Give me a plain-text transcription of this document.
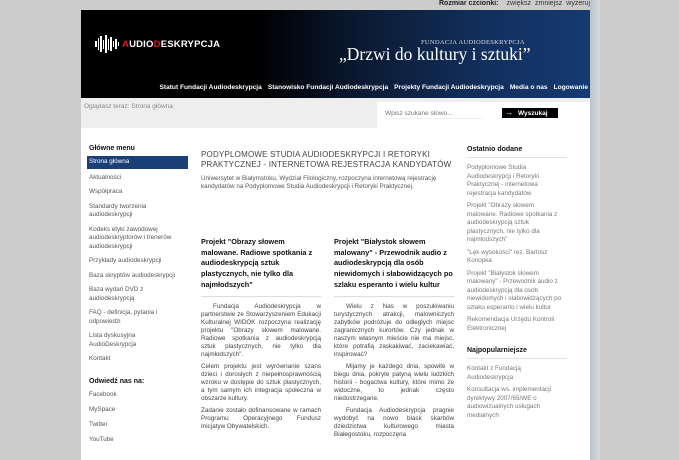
Rozmiar czcionki: zwiększ zmniejsz wyzeruj
AUDIODESKRYPCJA	FUNDACJA AUDIODESKRYPCJA
„Drzwi do kultury i sztuki”
Statut Fundacji Audiodeskrypcja Stanowisko Fundacji Audiodeskrypcja Projekty Fundacji Audiodeskrypcja Media o nas Logowanie
Oglądasz teraz: Strona główna
Wpisz szukane słowo...
→ Wyszukaj
Główne menu
Strona główna
Aktualności
Współpraca
Standardy tworzenia audiodeskrypcji
Kodeks etyki zawodowej audiodeskryptorów i trenerów audiodeskrypcji
Przykłady audiodeskrypcji
Baza skryptów audiodeskrypcji
Baza wydań DVD z audiodeskrypcją
FAQ - definicja, pytania i odpowiedzi
Lista dyskusyjna AudioDeskrypcja
Kontakt
Odwiedź nas na:
Facebook
MySpace
Twitter
YouTube
PODYPLOMOWE STUDIA AUDIODESKRYPCJI I RETORYKI PRAKTYCZNEJ - INTERNETOWA REJESTRACJA KANDYDATÓW
Uniwersytet w Białymstoku, Wydział Filologiczny, rozpoczyna internetową rejestrację kandydatów na Podyplomowe Studia Audiodeskrypcji i Retoryki Praktycznej.
Projekt "Obrazy słowem malowane. Radiowe spotkania z audiodeskrypcją sztuk plastycznych, nie tylko dla najmłodszych"

Fundacja Audiodeskrypcja w partnerstwie ze Stowarzyszeniem Edukacji Kulturalnej WIDOK rozpoczyna realizację projektu "Obrazy słowem malowane. Radiowe spotkania z audiodeskrypcją sztuk plastycznych, nie tylko dla najmłodszych".

Celem projektu jest wyrównanie szans dzieci i dorosłych z niepełnosprawnością wzroku w dostępie do sztuk plastycznych, a tym samym ich integracja społeczna w obszarze kultury.

Zadanie zostało dofinansowane w ramach Programu Operacyjnego Fundusz Inicjatyw Obywatelskich.

Projekt "Białystok słowem malowany" - Przewodnik audio z audiodeskrypcją dla osób niewidomych i słabowidzących po szlaku esperanto i wielu kultur

Wielu z Nas w poszukiwaniu turystycznych atrakcji, malowniczych zabytków podróżuje do odległych miejsc zagranicznych kurortów. Czy jednak w naszym własnym mieście nie ma miejsc, które potrafią zaskakiwać, zaciekawiać, inspirować?

Mijamy je każdego dnia, spowite w biegu dnia, pokryte patyną wielu ludzkich historii - bogactwa kultury, które mimo że widoczne, to jednak często niedostrzegane.

Fundacja Audiodeskrypcja pragnie wydobyć na nowo blask skarbów dziedzictwa kulturowego miasta Białegostoku, rozpoczęna

Ostatnio dodane
Podyplomowe Studia Audiodeskrypcji i Retoryki Praktycznej - internetowa rejestracja kandydatów
Projekt "Obrazy słowem malowane. Radiowe spotkania z audiodeskrypcją sztuk plastycznych, nie tylko dla najmłodszych"
"Lęk wysokości" rez. Bartosz Konopka
Projekt "Białystok słowem malowany" - Przewodnik audio z audiodeskrypcją dla osób niewidomych i słabowidzących po szlaku esperanto i wielu kultur
Rekomendacja Urzędu Kontroli Elektronicznej
Najpopularniejsze
Kontakt z Fundacją Audiodeskrypcja
Konsultacja ws. implementacji dyrektywy 2007/65/WE o audiowizualnych usługach medialnych
